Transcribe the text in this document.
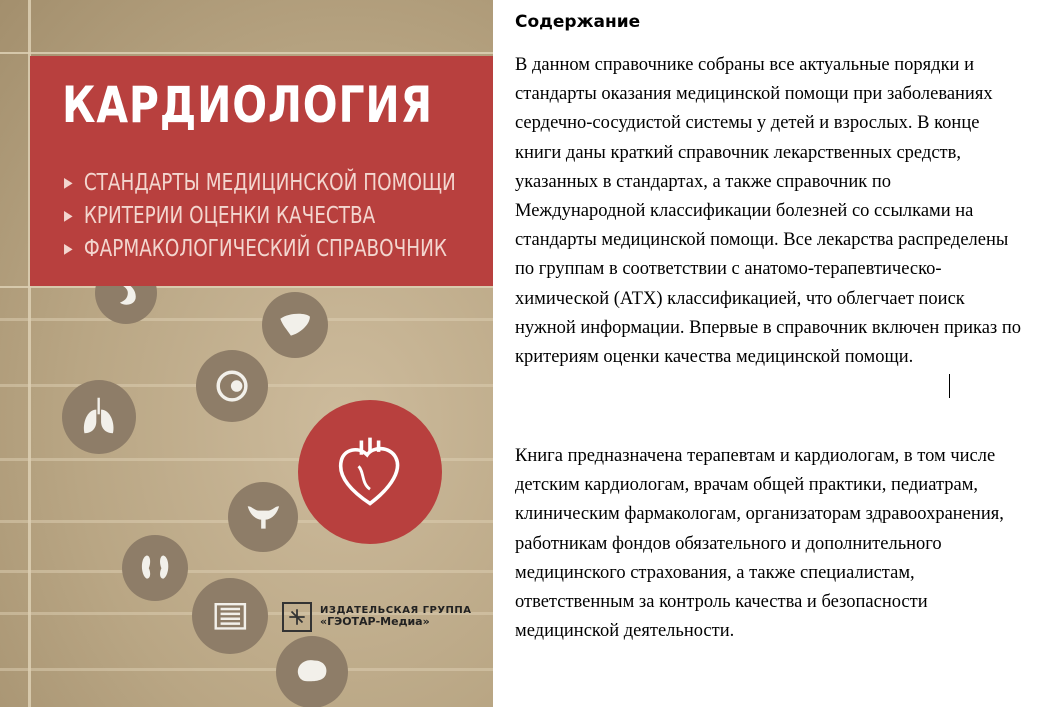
КАРДИОЛОГИЯ
▶ СТАНДАРТЫ МЕДИЦИНСКОЙ ПОМОЩИ
▶ КРИТЕРИИ ОЦЕНКИ КАЧЕСТВА
▶ ФАРМАКОЛОГИЧЕСКИЙ СПРАВОЧНИК
ИЗДАТЕЛЬСКАЯ ГРУППА
«ГЭОТАР-Медиа»
Содержание

В данном справочнике собраны все актуальные порядки и стандарты оказания медицинской помощи при заболеваниях сердечно-сосудистой системы у детей и взрослых. В конце книги даны краткий справочник лекарственных средств, указанных в стандартах, а также справочник по Международной классификации болезней со ссылками на стандарты медицинской помощи. Все лекарства распределены по группам в соответствии с анатомо-терапевтическо-химической (АТХ) классификацией, что облегчает поиск нужной информации. Впервые в справочник включен приказ по критериям оценки качества медицинской помощи.

Книга предназначена терапевтам и кардиологам, в том числе детским кардиологам, врачам общей практики, педиатрам, клиническим фармакологам, организаторам здравоохранения, работникам фондов обязательного и дополнительного медицинского страхования, а также специалистам, ответственным за контроль качества и безопасности медицинской деятельности.
